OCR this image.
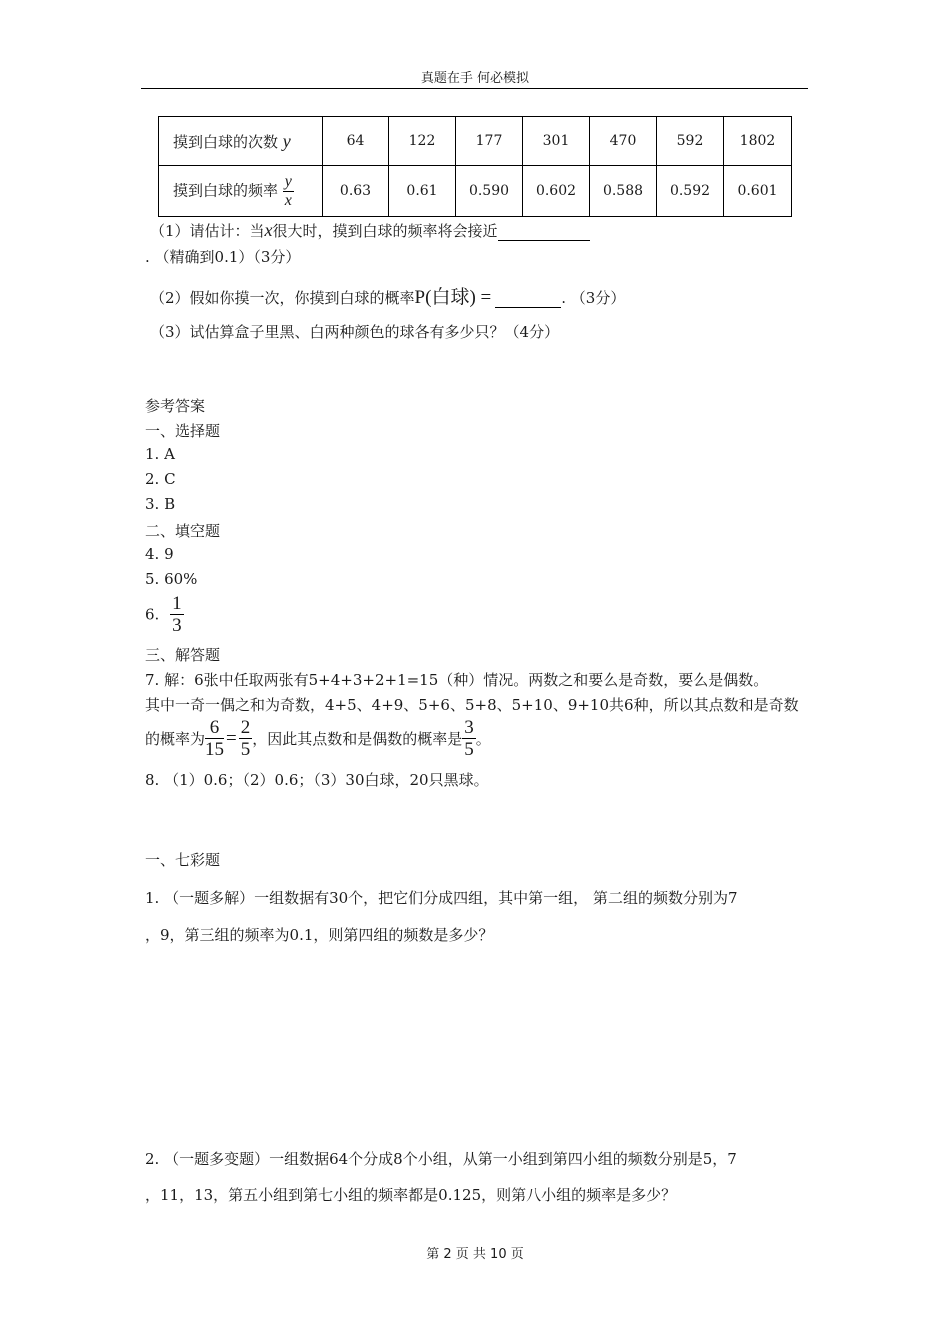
真题在手 何必模拟
摸到白球的次数 y	64	122	177	301	470	592	1802
摸到白球的频率 $\frac{y}{x}$	0.63	0.61	0.590	0.602	0.588	0.592	0.601
（1）请估计：当x很大时，摸到白球的频率将会接近
. （精确到0.1）（3分）
（2）假如你摸一次，你摸到白球的概率P(白球) =	. （3分）
（3）试估算盒子里黑、白两种颜色的球各有多少只？（4分）
参考答案
一、选择题
1. A
2. C
3. B
二、填空题
4. 9
5. 60%
6. $\frac{1}{3}$
三、解答题
7. 解：6张中任取两张有5+4+3+2+1=15（种）情况。两数之和要么是奇数，要么是偶数。
其中一奇一偶之和为奇数，4+5、4+9、5+6、5+8、5+10、9+10共6种，所以其点数和是奇数
的概率为 $\frac{6}{15} = \frac{2}{5}$ ，因此其点数和是偶数的概率是 $\frac{3}{5}$ 。
8. （1）0.6；（2）0.6；（3）30白球，20只黑球。
一、七彩题
1. （一题多解）一组数据有30个，把它们分成四组，其中第一组， 第二组的频数分别为7
，9，第三组的频率为0.1，则第四组的频数是多少？
2. （一题多变题）一组数据64个分成8个小组，从第一小组到第四小组的频数分别是5，7
，11，13，第五小组到第七小组的频率都是0.125，则第八小组的频率是多少？
第 2 页 共 10 页
